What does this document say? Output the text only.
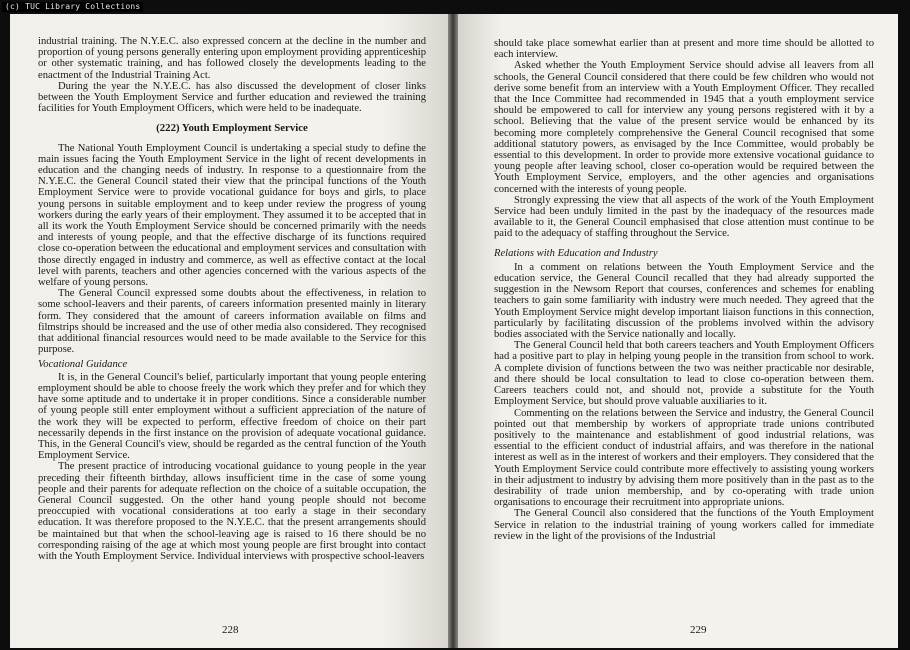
(c) TUC Library Collections

industrial training. The N.Y.E.C. also expressed concern at the decline in the number and proportion of young persons generally entering upon employment providing apprenticeship or other systematic training, and has followed closely the developments leading to the enactment of the Industrial Training Act.

During the year the N.Y.E.C. has also discussed the development of closer links between the Youth Employment Service and further education and reviewed the training facilities for Youth Employment Officers, which were held to be inadequate.

(222) Youth Employment Service

The National Youth Employment Council is undertaking a special study to define the main issues facing the Youth Employment Service in the light of recent developments in education and the changing needs of industry. In response to a questionnaire from the N.Y.E.C. the General Council stated their view that the principal functions of the Youth Employment Service were to provide vocational guidance for boys and girls, to place young persons in suitable employment and to keep under review the progress of young workers during the early years of their employment. They assumed it to be accepted that in all its work the Youth Employment Service should be concerned primarily with the needs and interests of young people, and that the effective discharge of its functions required close co-operation between the educational and employment services and consultation with those directly engaged in industry and commerce, as well as effective contact at the local level with parents, teachers and other agencies concerned with the various aspects of the welfare of young persons.

The General Council expressed some doubts about the effectiveness, in relation to some school-leavers and their parents, of careers information presented mainly in literary form. They considered that the amount of careers information available on films and filmstrips should be increased and the use of other media also considered. They recognised that additional financial resources would need to be made available to the Service for this purpose.

Vocational Guidance

It is, in the General Council's belief, particularly important that young people entering employment should be able to choose freely the work which they prefer and for which they have some aptitude and to undertake it in proper conditions. Since a considerable number of young people still enter employment without a sufficient appreciation of the nature of the work they will be expected to perform, effective freedom of choice on their part necessarily depends in the first instance on the provision of adequate vocational guidance. This, in the General Council's view, should be regarded as the central function of the Youth Employment Service.

The present practice of introducing vocational guidance to young people in the year preceding their fifteenth birthday, allows insufficient time in the case of some young people and their parents for adequate reflection on the choice of a suitable occupation, the General Council suggested. On the other hand young people should not become preoccupied with vocational considerations at too early a stage in their secondary education. It was therefore proposed to the N.Y.E.C. that the present arrangements should be maintained but that when the school-leaving age is raised to 16 there should be no corresponding raising of the age at which most young people are first brought into contact with the Youth Employment Service. Individual interviews with prospective school-leavers

228

should take place somewhat earlier than at present and more time should be allotted to each interview.

Asked whether the Youth Employment Service should advise all leavers from all schools, the General Council considered that there could be few children who would not derive some benefit from an interview with a Youth Employment Officer. They recalled that the Ince Committee had recommended in 1945 that a youth employment service should be empowered to call for interview any young persons registered with it by a school. Believing that the value of the present service would be enhanced by its becoming more completely comprehensive the General Council recognised that some additional statutory powers, as envisaged by the Ince Committee, would probably be essential to this development. In order to provide more extensive vocational guidance to young people after leaving school, closer co-operation would be required between the Youth Employment Service, employers, and the other agencies and organisations concerned with the interests of young people.

Strongly expressing the view that all aspects of the work of the Youth Employment Service had been unduly limited in the past by the inadequacy of the resources made available to it, the General Council emphasised that close attention must continue to be paid to the adequacy of staffing throughout the Service.

Relations with Education and Industry

In a comment on relations between the Youth Employment Service and the education service, the General Council recalled that they had already supported the suggestion in the Newsom Report that courses, conferences and schemes for enabling teachers to gain some familiarity with industry were much needed. They agreed that the Youth Employment Service might develop important liaison functions in this connection, particularly by facilitating discussion of the problems involved within the advisory bodies associated with the Service nationally and locally.

The General Council held that both careers teachers and Youth Employment Officers had a positive part to play in helping young people in the transition from school to work. A complete division of functions between the two was neither practicable nor desirable, and there should be local consultation to lead to close co-operation between them. Careers teachers could not, and should not, provide a substitute for the Youth Employment Service, but should prove valuable auxiliaries to it.

Commenting on the relations between the Service and industry, the General Council pointed out that membership by workers of appropriate trade unions contributed positively to the maintenance and establishment of good industrial relations, was essential to the efficient conduct of industrial affairs, and was therefore in the national interest as well as in the interest of workers and their employers. They considered that the Youth Employment Service could contribute more effectively to assisting young workers in their adjustment to industry by advising them more positively than in the past as to the desirability of trade union membership, and by co-operating with trade union organisations to encourage their recruitment into appropriate unions.

The General Council also considered that the functions of the Youth Employment Service in relation to the industrial training of young workers called for immediate review in the light of the provisions of the Industrial

229
